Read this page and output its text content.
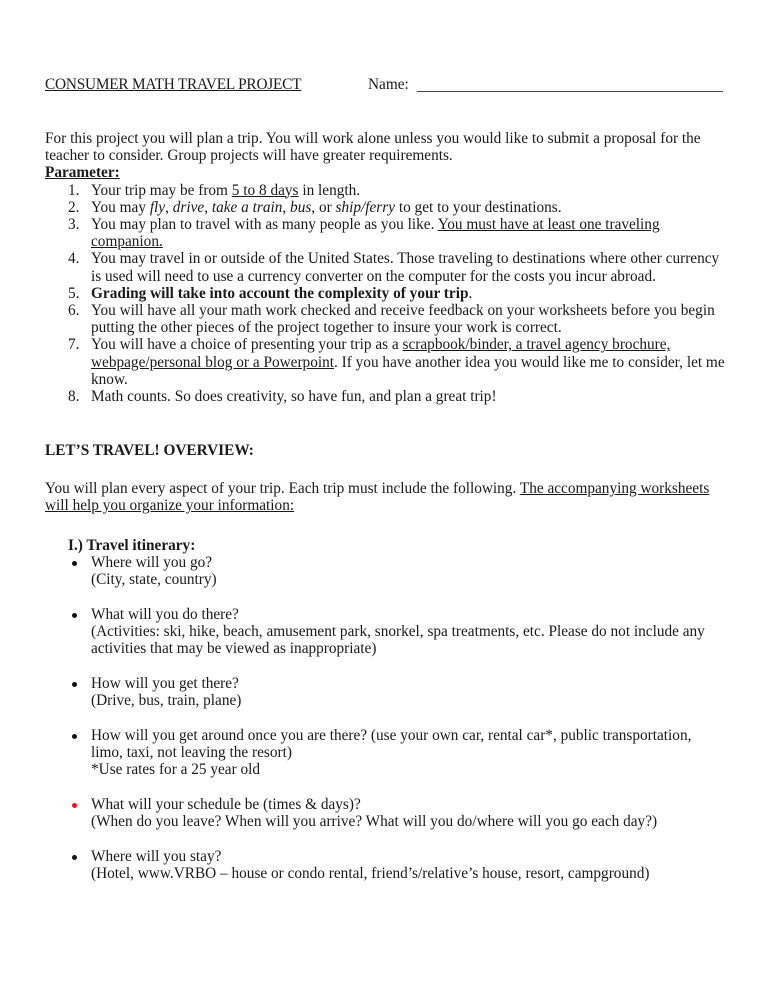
CONSUMER MATH TRAVEL PROJECT	Name:

For this project you will plan a trip. You will work alone unless you would like to submit a proposal for the teacher to consider. Group projects will have greater requirements.

Parameter:

1. Your trip may be from 5 to 8 days in length.
2. You may fly, drive, take a train, bus, or ship/ferry to get to your destinations.
3. You may plan to travel with as many people as you like. You must have at least one traveling companion.
4. You may travel in or outside of the United States. Those traveling to destinations where other currency is used will need to use a currency converter on the computer for the costs you incur abroad.
5. Grading will take into account the complexity of your trip.
6. You will have all your math work checked and receive feedback on your worksheets before you begin putting the other pieces of the project together to insure your work is correct.
7. You will have a choice of presenting your trip as a scrapbook/binder, a travel agency brochure, webpage/personal blog or a Powerpoint. If you have another idea you would like me to consider, let me know.
8. Math counts. So does creativity, so have fun, and plan a great trip!
LET’S TRAVEL! OVERVIEW:

You will plan every aspect of your trip. Each trip must include the following. The accompanying worksheets will help you organize your information:

I.) Travel itinerary:
Where will you go?
(City, state, country)
What will you do there?
(Activities: ski, hike, beach, amusement park, snorkel, spa treatments, etc. Please do not include any activities that may be viewed as inappropriate)
How will you get there?
(Drive, bus, train, plane)
How will you get around once you are there? (use your own car, rental car*, public transportation, limo, taxi, not leaving the resort)
*Use rates for a 25 year old
What will your schedule be (times & days)?
(When do you leave? When will you arrive? What will you do/where will you go each day?)
Where will you stay?
(Hotel, www.VRBO – house or condo rental, friend’s/relative’s house, resort, campground)
